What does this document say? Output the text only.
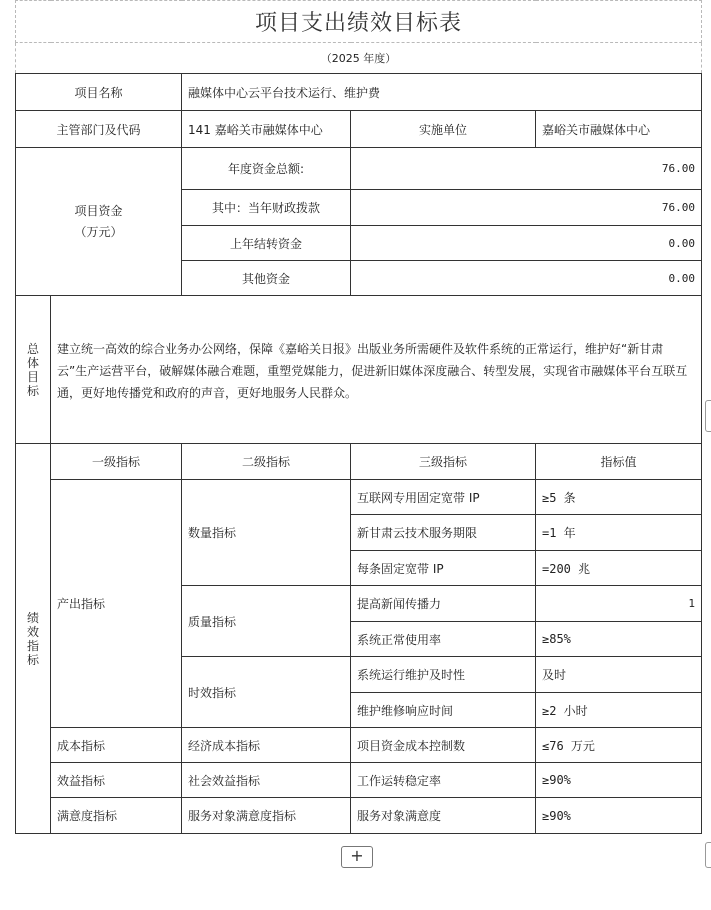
项目支出绩效目标表				
（2025 年度）				
项目名称		融媒体中心云平台技术运行、维护费		
主管部门及代码		141 嘉峪关市融媒体中心	实施单位	嘉峪关市融媒体中心

项目资金
（万元）		年度资金总额:	76.00	
		其中：当年财政拨款	76.00	
		上年结转资金	0.00	
		其他资金	0.00	
总体目标	建立统一高效的综合业务办公网络，保障《嘉峪关日报》出版业务所需硬件及软件系统的正常运行，维护好“新甘肃云”生产运营平台，破解媒体融合难题，重塑党媒能力，促进新旧媒体深度融合、转型发展，实现省市融媒体平台互联互通，更好地传播党和政府的声音，更好地服务人民群众。			
绩效指标	一级指标	二级指标	三级指标	指标值
	产出指标	数量指标	互联网专用固定宽带 IP	≥5 条
			新甘肃云技术服务期限	=1 年
			每条固定宽带 IP	=200 兆
		质量指标	提高新闻传播力	1
			系统正常使用率	≥85%
		时效指标	系统运行维护及时性	及时
			维护维修响应时间	≥2 小时
	成本指标	经济成本指标	项目资金成本控制数	≤76 万元
	效益指标	社会效益指标	工作运转稳定率	≥90%
	满意度指标	服务对象满意度指标	服务对象满意度	≥90%
+
